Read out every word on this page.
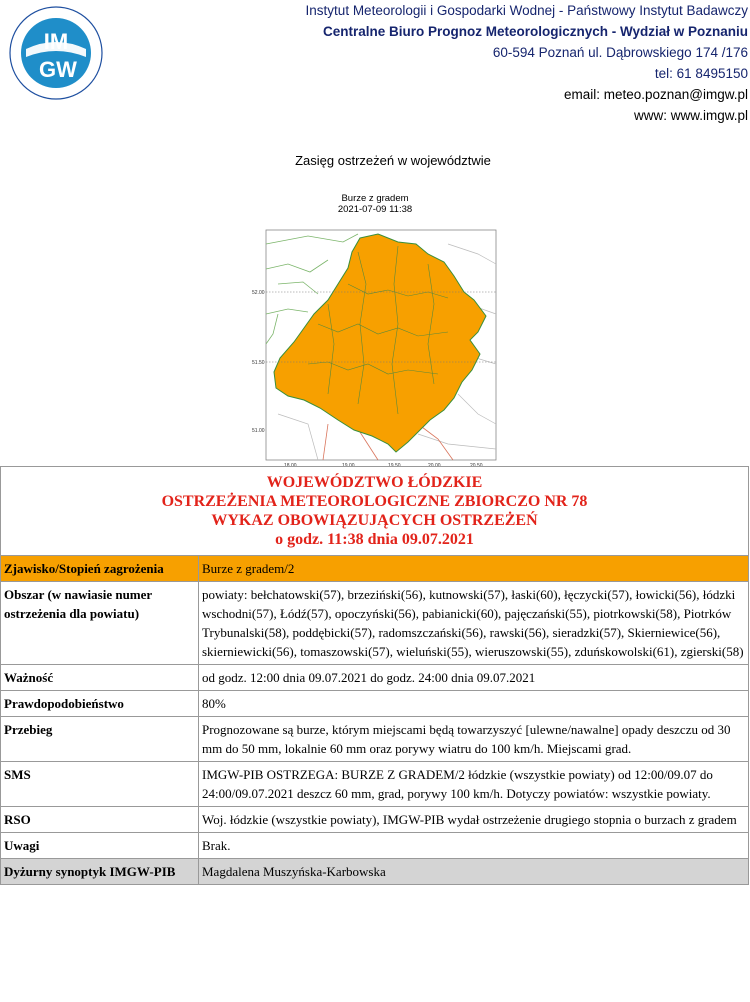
IM
GW
Instytut Meteorologii i Gospodarki Wodnej - Państwowy Instytut Badawczy
Centralne Biuro Prognoz Meteorologicznych - Wydział w Poznaniu
60-594 Poznań ul. Dąbrowskiego 174 /176
tel: 61 8495150
email: meteo.poznan@imgw.pl
www: www.imgw.pl
Zasięg ostrzeżeń w województwie
Burze z gradem
2021-07-09 11:38
52.00
51.50
51.00
18.00	19.00	19.50	20.00	20.50
WOJEWÓDZTWO ŁÓDZKIE
OSTRZEŻENIA METEOROLOGICZNE ZBIORCZO NR 78
WYKAZ OBOWIĄZUJĄCYCH OSTRZEŻEŃ
o godz. 11:38 dnia 09.07.2021	

Zjawisko/Stopień zagrożenia	Burze z gradem/2
Obszar (w nawiasie numer ostrzeżenia dla powiatu)	powiaty: bełchatowski(57), brzeziński(56), kutnowski(57), łaski(60), łęczycki(57), łowicki(56), łódzki wschodni(57), Łódź(57), opoczyński(56), pabianicki(60), pajęczański(55), piotrkowski(58), Piotrków Trybunalski(58), poddębicki(57), radomszczański(56), rawski(56), sieradzki(57), Skierniewice(56), skierniewicki(56), tomaszowski(57), wieluński(55), wieruszowski(55), zduńskowolski(61), zgierski(58)
Ważność	od godz. 12:00 dnia 09.07.2021 do godz. 24:00 dnia 09.07.2021
Prawdopodobieństwo	80%
Przebieg	Prognozowane są burze, którym miejscami będą towarzyszyć [ulewne/nawalne] opady deszczu od 30 mm do 50 mm, lokalnie 60 mm oraz porywy wiatru do 100 km/h. Miejscami grad.
SMS	IMGW-PIB OSTRZEGA: BURZE Z GRADEM/2 łódzkie (wszystkie powiaty) od 12:00/09.07 do 24:00/09.07.2021 deszcz 60 mm, grad, porywy 100 km/h. Dotyczy powiatów: wszystkie powiaty.
RSO	Woj. łódzkie (wszystkie powiaty), IMGW-PIB wydał ostrzeżenie drugiego stopnia o burzach z gradem
Uwagi	Brak.
Dyżurny synoptyk IMGW-PIB	Magdalena Muszyńska-Karbowska
